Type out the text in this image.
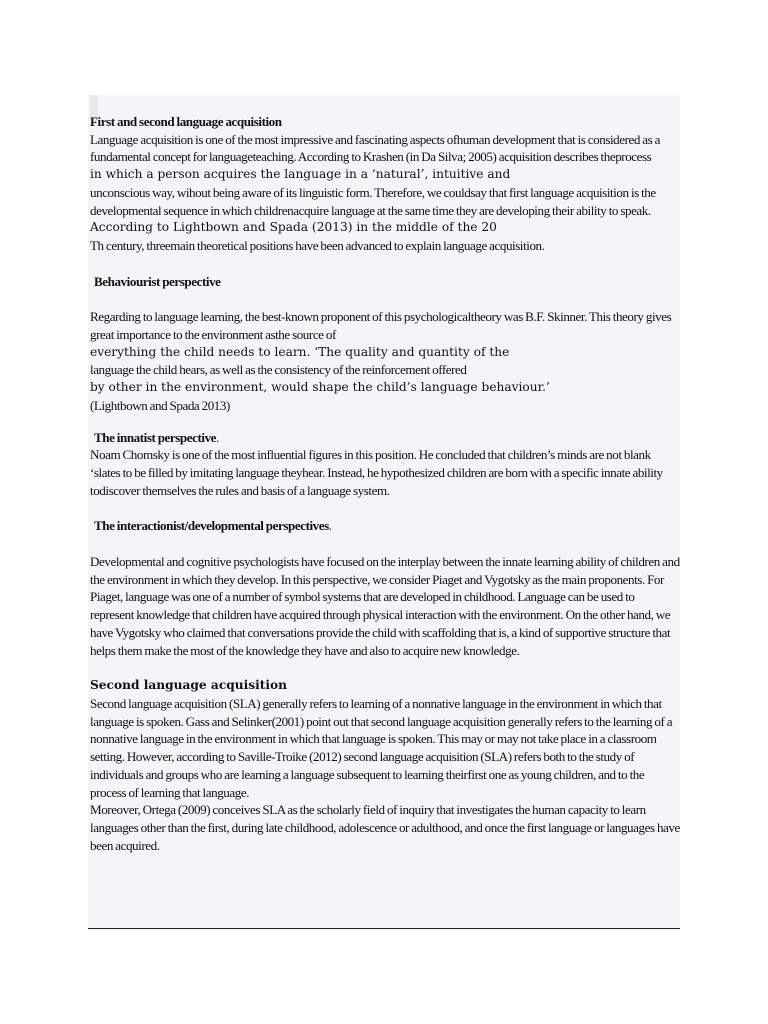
First and second language acquisition

Language acquisition is one of the most impressive and fascinating aspects ofhuman development that is considered as a fundamental concept for languageteaching. According to Krashen (in Da Silva; 2005) acquisition describes theprocess

in which a person acquires the language in a ‘natural’, intuitive and

unconscious way, wihout being aware of its linguistic form. Therefore, we couldsay that first language acquisition is the developmental sequence in which childrenacquire language at the same time they are developing their ability to speak.

According to Lightbown and Spada (2013) in the middle of the 20

Th century, threemain theoretical positions have been advanced to explain language acquisition.

Behaviourist perspective

Regarding to language learning, the best-known proponent of this psychologicaltheory was B.F. Skinner. This theory gives great importance to the environment asthe source of

everything the child needs to learn. ‘The quality and quantity of the

language the child hears, as well as the consistency of the reinforcement offered

by other in the environment, would shape the child’s language behaviour.’

(Lightbown and Spada 2013)

The innatist perspective.

Noam Chomsky is one of the most influential figures in this position. He concluded that children’s minds are not blank ‘slates to be filled by imitating language theyhear. Instead, he hypothesized children are born with a specific innate ability todiscover themselves the rules and basis of a language system.

The interactionist/developmental perspectives.

Developmental and cognitive psychologists have focused on the interplay between the innate learning ability of children and the environment in which they develop. In this perspective, we consider Piaget and Vygotsky as the main proponents. For Piaget, language was one of a number of symbol systems that are developed in childhood. Language can be used to represent knowledge that children have acquired through physical interaction with the environment. On the other hand, we have Vygotsky who claimed that conversations provide the child with scaffolding that is, a kind of supportive structure that helps them make the most of the knowledge they have and also to acquire new knowledge.

Second language acquisition

Second language acquisition (SLA) generally refers to learning of a nonnative language in the environment in which that language is spoken. Gass and Selinker(2001) point out that second language acquisition generally refers to the learning of a nonnative language in the environment in which that language is spoken. This may or may not take place in a classroom setting. However, according to Saville-Troike (2012) second language acquisition (SLA) refers both to the study of individuals and groups who are learning a language subsequent to learning theirfirst one as young children, and to the process of learning that language.

Moreover, Ortega (2009) conceives SLA as the scholarly field of inquiry that investigates the human capacity to learn languages other than the first, during late childhood, adolescence or adulthood, and once the first language or languages have been acquired.
